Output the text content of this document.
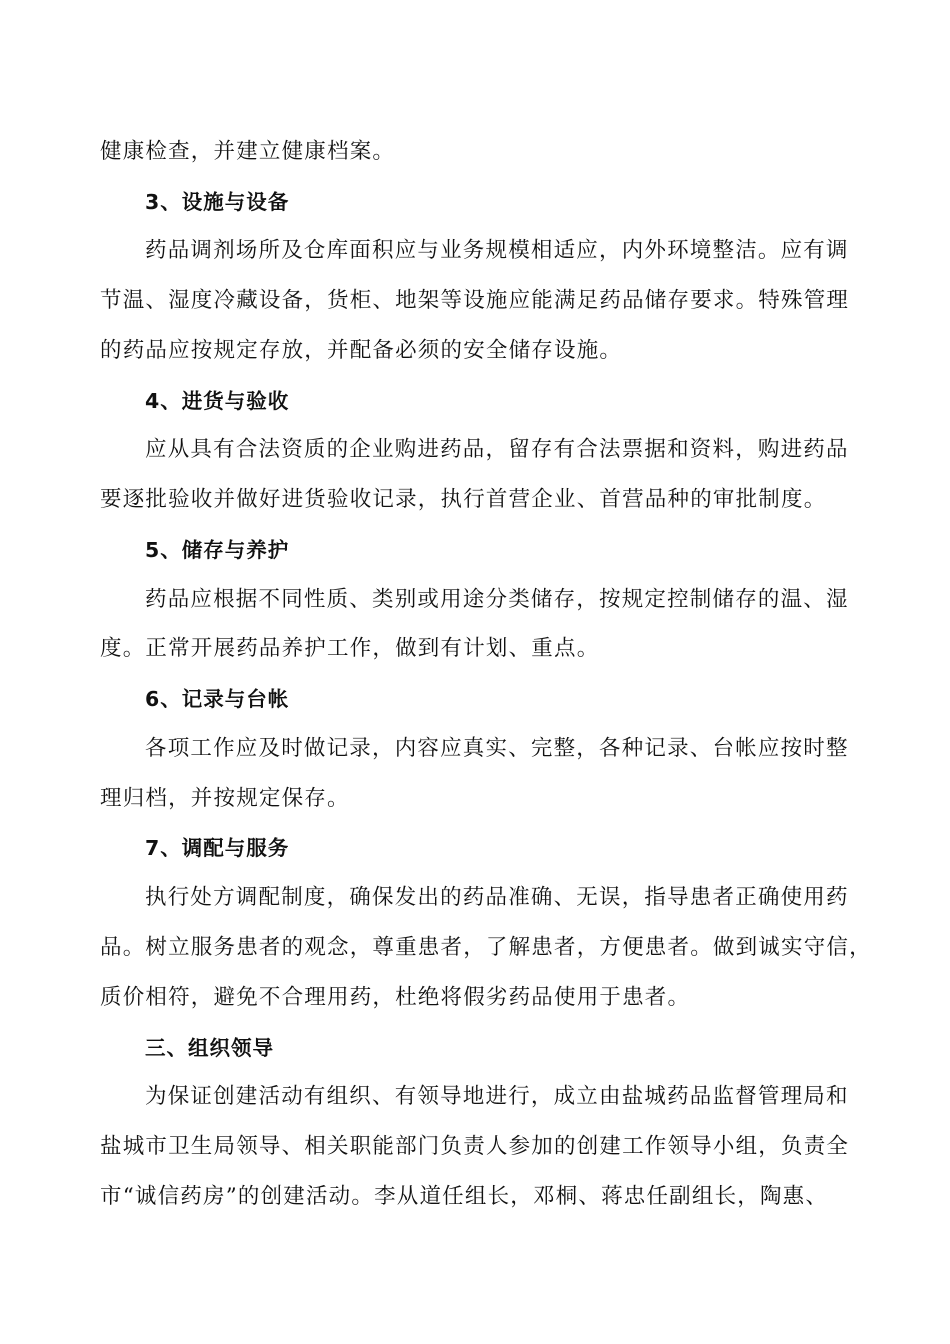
健康检查，并建立健康档案。
3、设施与设备
药品调剂场所及仓库面积应与业务规模相适应，内外环境整洁。应有调
节温、湿度冷藏设备，货柜、地架等设施应能满足药品储存要求。特殊管理
的药品应按规定存放，并配备必须的安全储存设施。
4、进货与验收
应从具有合法资质的企业购进药品，留存有合法票据和资料，购进药品
要逐批验收并做好进货验收记录，执行首营企业、首营品种的审批制度。
5、储存与养护
药品应根据不同性质、类别或用途分类储存，按规定控制储存的温、湿
度。正常开展药品养护工作，做到有计划、重点。
6、记录与台帐
各项工作应及时做记录，内容应真实、完整，各种记录、台帐应按时整
理归档，并按规定保存。
7、调配与服务
执行处方调配制度，确保发出的药品准确、无误，指导患者正确使用药
品。树立服务患者的观念，尊重患者，了解患者，方便患者。做到诚实守信，
质价相符，避免不合理用药，杜绝将假劣药品使用于患者。
三、组织领导
为保证创建活动有组织、有领导地进行，成立由盐城药品监督管理局和
盐城市卫生局领导、相关职能部门负责人参加的创建工作领导小组，负责全
市“诚信药房”的创建活动。李从道任组长，邓桐、蒋忠任副组长，陶惠、
